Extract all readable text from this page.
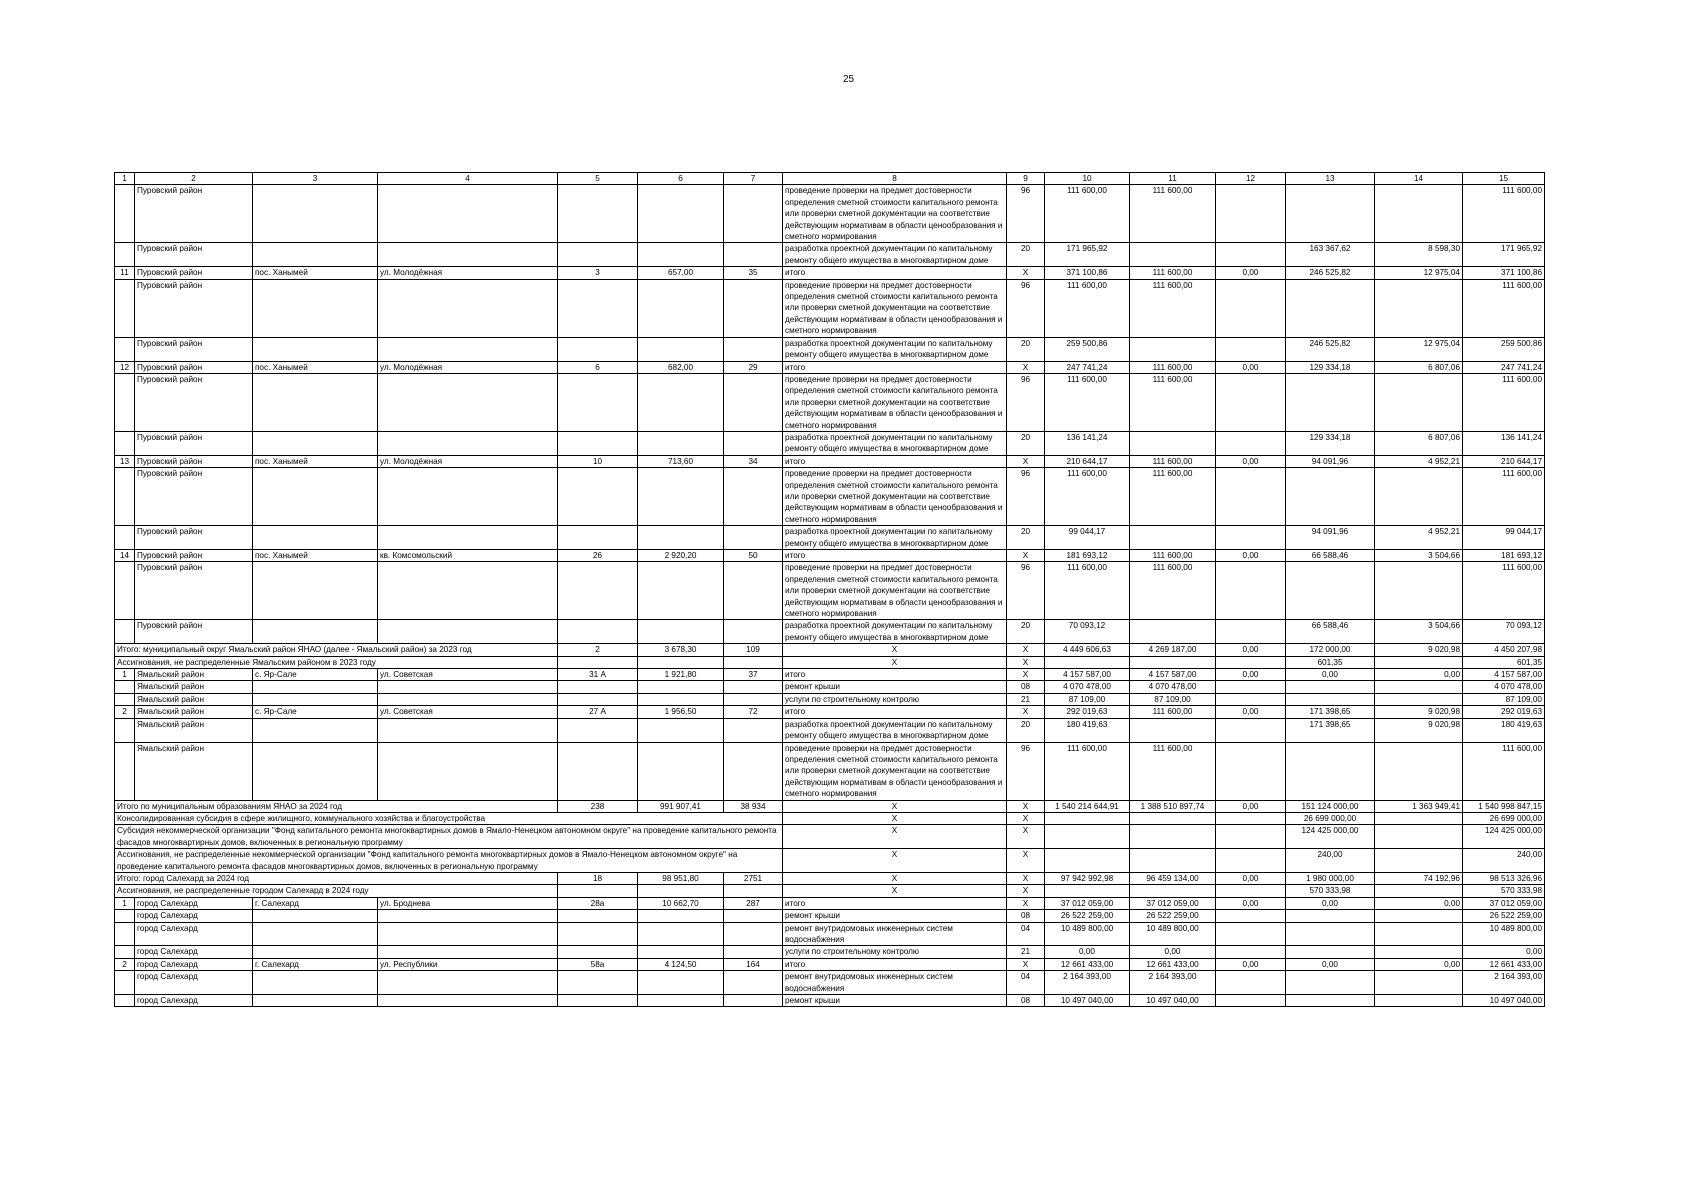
25
1	2	3	4	5	6	7	8	9	10	11	12	13	14	15
	Пуровский район						проведение проверки на предмет достоверности определения сметной стоимости капитального ремонта или проверки сметной документации на соответствие действующим нормативам в области ценообразования и сметного нормирования	96	111 600,00	111 600,00				111 600,00
	Пуровский район						разработка проектной документации по капитальному ремонту общего имущества в многоквартирном доме	20	171 965,92			163 367,62	8 598,30	171 965,92
11	Пуровский район	пос. Ханымей	ул. Молодёжная	3	657,00	35	итого	X	371 100,86	111 600,00	0,00	246 525,82	12 975,04	371 100,86
	Пуровский район						проведение проверки на предмет достоверности определения сметной стоимости капитального ремонта или проверки сметной документации на соответствие действующим нормативам в области ценообразования и сметного нормирования	96	111 600,00	111 600,00				111 600,00
	Пуровский район						разработка проектной документации по капитальному ремонту общего имущества в многоквартирном доме	20	259 500,86			246 525,82	12 975,04	259 500,86
12	Пуровский район	пос. Ханымей	ул. Молодёжная	6	682,00	29	итого	X	247 741,24	111 600,00	0,00	129 334,18	6 807,06	247 741,24
	Пуровский район						проведение проверки на предмет достоверности определения сметной стоимости капитального ремонта или проверки сметной документации на соответствие действующим нормативам в области ценообразования и сметного нормирования	96	111 600,00	111 600,00				111 600,00
	Пуровский район						разработка проектной документации по капитальному ремонту общего имущества в многоквартирном доме	20	136 141,24			129 334,18	6 807,06	136 141,24
13	Пуровский район	пос. Ханымей	ул. Молодёжная	10	713,60	34	итого	X	210 644,17	111 600,00	0,00	94 091,96	4 952,21	210 644,17
	Пуровский район						проведение проверки на предмет достоверности определения сметной стоимости капитального ремонта или проверки сметной документации на соответствие действующим нормативам в области ценообразования и сметного нормирования	96	111 600,00	111 600,00				111 600,00
	Пуровский район						разработка проектной документации по капитальному ремонту общего имущества в многоквартирном доме	20	99 044,17			94 091,96	4 952,21	99 044,17
14	Пуровский район	пос. Ханымей	кв. Комсомольский	26	2 920,20	50	итого	X	181 693,12	111 600,00	0,00	66 588,46	3 504,66	181 693,12
	Пуровский район						проведение проверки на предмет достоверности определения сметной стоимости капитального ремонта или проверки сметной документации на соответствие действующим нормативам в области ценообразования и сметного нормирования	96	111 600,00	111 600,00				111 600,00
	Пуровский район						разработка проектной документации по капитальному ремонту общего имущества в многоквартирном доме	20	70 093,12			66 588,46	3 504,66	70 093,12
Итого: муниципальный округ Ямальский район ЯНАО (далее - Ямальский район) за 2023 год				2	3 678,30	109	X	X	4 449 606,63	4 269 187,00	0,00	172 000,00	9 020,98	4 450 207,98
Ассигнования, не распределенные Ямальским районом в 2023 году							X	X				601,35		601,35
1	Ямальский район	с. Яр-Сале	ул. Советская	31 А	1 921,80	37	итого	X	4 157 587,00	4 157 587,00	0,00	0,00	0,00	4 157 587,00
	Ямальский район						ремонт крыши	08	4 070 478,00	4 070 478,00				4 070 478,00
	Ямальский район						услуги по строительному контролю	21	87 109,00	87 109,00				87 109,00
2	Ямальский район	с. Яр-Сале	ул. Советская	27 А	1 956,50	72	итого	X	292 019,63	111 600,00	0,00	171 398,65	9 020,98	292 019,63
	Ямальский район						разработка проектной документации по капитальному ремонту общего имущества в многоквартирном доме	20	180 419,63			171 398,65	9 020,98	180 419,63
	Ямальский район						проведение проверки на предмет достоверности определения сметной стоимости капитального ремонта или проверки сметной документации на соответствие действующим нормативам в области ценообразования и сметного нормирования	96	111 600,00	111 600,00				111 600,00
Итого по муниципальным образованиям ЯНАО за 2024 год				238	991 907,41	38 934	X	X	1 540 214 644,91	1 388 510 897,74	0,00	151 124 000,00	1 363 949,41	1 540 998 847,15
Консолидированная субсидия в сфере жилищного, коммунального хозяйства и благоустройства							X	X				26 699 000,00		26 699 000,00
Субсидия некоммерческой организации "Фонд капитального ремонта многоквартирных домов в Ямало-Ненецком автономном округе" на проведение капитального ремонта фасадов многоквартирных домов, включенных в региональную программу							X	X				124 425 000,00		124 425 000,00
Ассигнования, не распределенные некоммерческой организации "Фонд капитального ремонта многоквартирных домов в Ямало-Ненецком автономном округе" на проведение капитального ремонта фасадов многоквартирных домов, включенных в региональную программу							X	X				240,00		240,00
Итого: город Салехард за 2024 год				18	98 951,80	2751	X	X	97 942 992,98	96 459 134,00	0,00	1 980 000,00	74 192,96	98 513 326,96
Ассигнования, не распределенные городом Салехард в 2024 году							X	X				570 333,98		570 333,98
1	город Салехард	г. Салехард	ул. Броднева	28а	10 662,70	287	итого	X	37 012 059,00	37 012 059,00	0,00	0,00	0,00	37 012 059,00
	город Салехард						ремонт крыши	08	26 522 259,00	26 522 259,00				26 522 259,00
	город Салехард						ремонт внутридомовых инженерных систем водоснабжения	04	10 489 800,00	10 489 800,00				10 489 800,00
	город Салехард						услуги по строительному контролю	21	0,00	0,00				0,00
2	город Салехард	г. Салехард	ул. Республики	58а	4 124,50	164	итого	X	12 661 433,00	12 661 433,00	0,00	0,00	0,00	12 661 433,00
	город Салехард						ремонт внутридомовых инженерных систем водоснабжения	04	2 164 393,00	2 164 393,00				2 164 393,00
	город Салехард						ремонт крыши	08	10 497 040,00	10 497 040,00				10 497 040,00
